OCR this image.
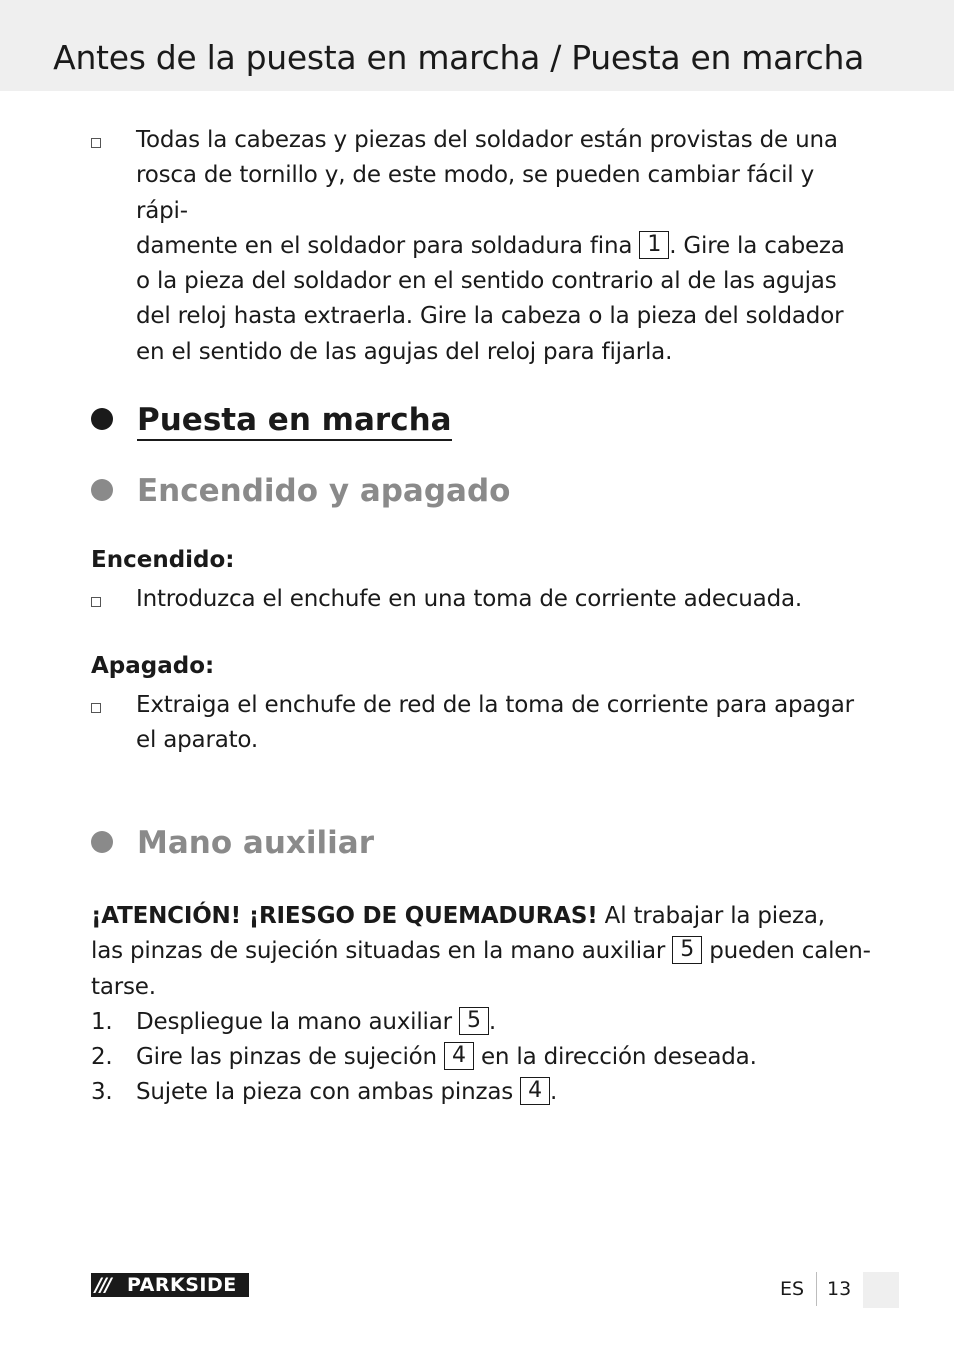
Antes de la puesta en marcha / Puesta en marcha
Todas la cabezas y piezas del soldador están provistas de una
rosca de tornillo y, de este modo, se pueden cambiar fácil y rápi-
damente en el soldador para soldadura fina 1 . Gire la cabeza
o la pieza del soldador en el sentido contrario al de las agujas
del reloj hasta extraerla. Gire la cabeza o la pieza del soldador
en el sentido de las agujas del reloj para fijarla.
Puesta en marcha
Encendido y apagado
Encendido:
Introduzca el enchufe en una toma de corriente adecuada.
Apagado:
Extraiga el enchufe de red de la toma de corriente para apagar
el aparato.
Mano auxiliar
¡ATENCIÓN! ¡RIESGO DE QUEMADURAS! Al trabajar la pieza,
las pinzas de sujeción situadas en la mano auxiliar 5 pueden calen-
tarse.
1. Despliegue la mano auxiliar 5 .
2. Gire las pinzas de sujeción 4 en la dirección deseada.
3. Sujete la pieza con ambas pinzas 4 .
/// PARKSIDE	ES 13
